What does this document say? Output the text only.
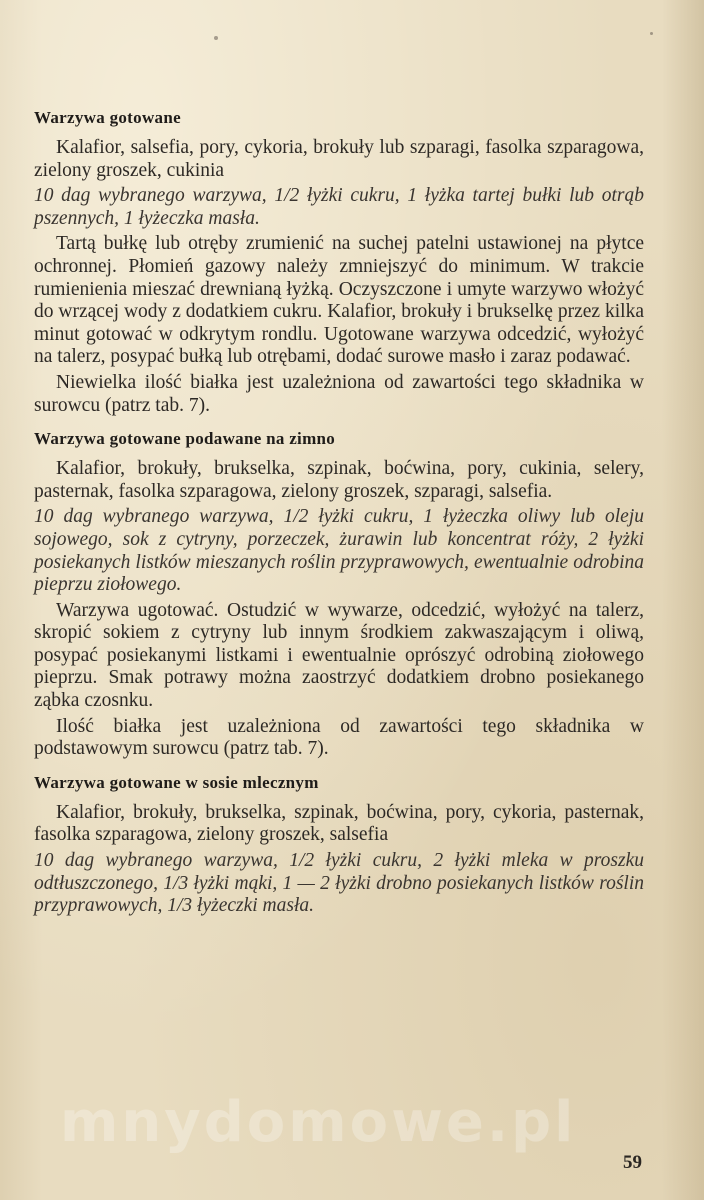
Warzywa gotowane

Kalafior, salsefia, pory, cykoria, brokuły lub szparagi, fasolka szparagowa, zielony groszek, cukinia

10 dag wybranego warzywa, 1/2 łyżki cukru, 1 łyżka tartej bułki lub otrąb pszennych, 1 łyżeczka masła.

Tartą bułkę lub otręby zrumienić na suchej patelni ustawionej na płytce ochronnej. Płomień gazowy należy zmniejszyć do minimum. W trakcie rumienienia mieszać drewnianą łyżką. Oczyszczone i umyte warzywo włożyć do wrzącej wody z dodatkiem cukru. Kalafior, brokuły i brukselkę przez kilka minut gotować w odkrytym rondlu. Ugotowane warzywa odcedzić, wyłożyć na talerz, posypać bułką lub otrębami, dodać surowe masło i zaraz podawać.

Niewielka ilość białka jest uzależniona od zawartości tego składnika w surowcu (patrz tab. 7).

Warzywa gotowane podawane na zimno

Kalafior, brokuły, brukselka, szpinak, boćwina, pory, cukinia, selery, pasternak, fasolka szparagowa, zielony groszek, szparagi, salsefia.

10 dag wybranego warzywa, 1/2 łyżki cukru, 1 łyżeczka oliwy lub oleju sojowego, sok z cytryny, porzeczek, żurawin lub koncentrat róży, 2 łyżki posiekanych listków mieszanych roślin przyprawowych, ewentualnie odrobina pieprzu ziołowego.

Warzywa ugotować. Ostudzić w wywarze, odcedzić, wyłożyć na talerz, skropić sokiem z cytryny lub innym środkiem zakwaszającym i oliwą, posypać posiekanymi listkami i ewentualnie oprószyć odrobiną ziołowego pieprzu. Smak potrawy można zaostrzyć dodatkiem drobno posiekanego ząbka czosnku.

Ilość białka jest uzależniona od zawartości tego składnika w podstawowym surowcu (patrz tab. 7).

Warzywa gotowane w sosie mlecznym

Kalafior, brokuły, brukselka, szpinak, boćwina, pory, cykoria, pasternak, fasolka szparagowa, zielony groszek, salsefia

10 dag wybranego warzywa, 1/2 łyżki cukru, 2 łyżki mleka w proszku odtłuszczonego, 1/3 łyżki mąki, 1 — 2 łyżki drobno posiekanych listków roślin przyprawowych, 1/3 łyżeczki masła.

mnydomowe.pl
59
